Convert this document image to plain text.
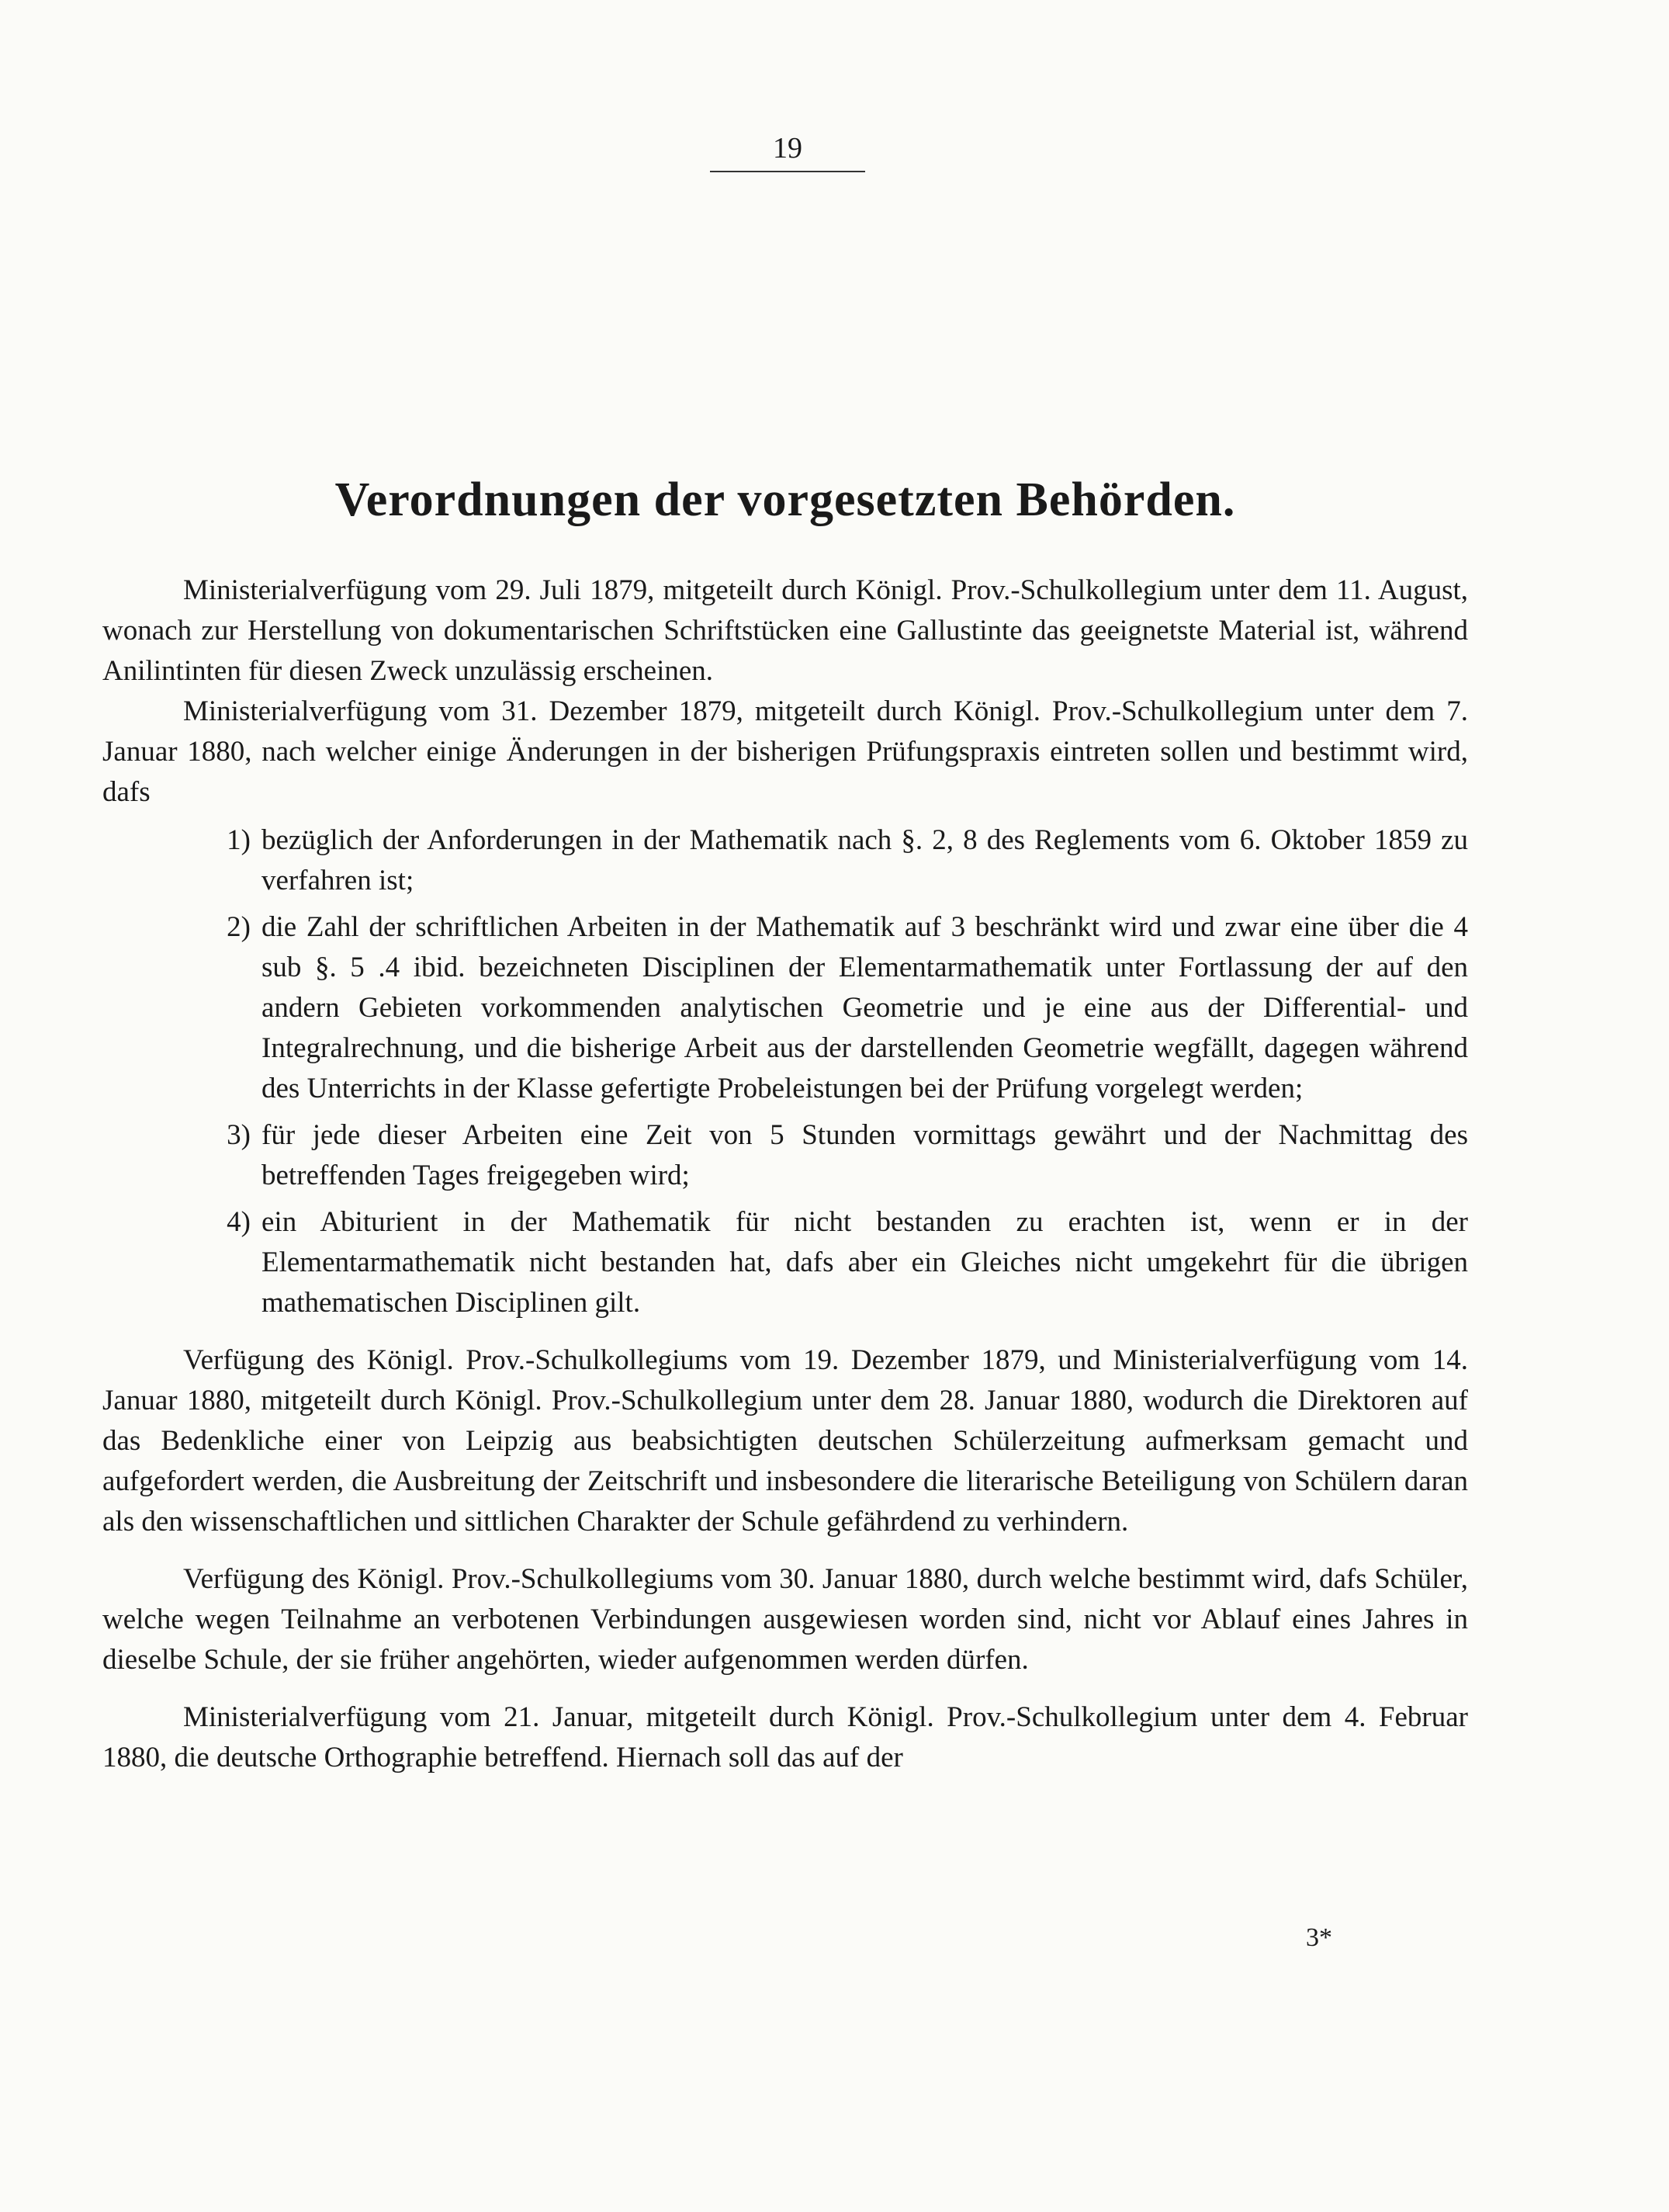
19
Verordnungen der vorgesetzten Behörden.

Ministerialverfügung vom 29. Juli 1879, mitgeteilt durch Königl. Prov.-Schulkollegium unter dem 11. August, wonach zur Herstellung von dokumentarischen Schriftstücken eine Gallustinte das geeignetste Material ist, während Anilintinten für diesen Zweck unzulässig erscheinen.

Ministerialverfügung vom 31. Dezember 1879, mitgeteilt durch Königl. Prov.-Schulkollegium unter dem 7. Januar 1880, nach welcher einige Änderungen in der bisherigen Prüfungspraxis eintreten sollen und bestimmt wird, dafs

1) bezüglich der Anforderungen in der Mathematik nach §. 2, 8 des Reglements vom 6. Oktober 1859 zu verfahren ist;
2) die Zahl der schriftlichen Arbeiten in der Mathematik auf 3 beschränkt wird und zwar eine über die 4 sub §. 5 .4 ibid. bezeichneten Disciplinen der Elementarmathematik unter Fortlassung der auf den andern Gebieten vorkommenden analytischen Geometrie und je eine aus der Differential- und Integralrechnung, und die bisherige Arbeit aus der darstellenden Geometrie wegfällt, dagegen während des Unterrichts in der Klasse gefertigte Probeleistungen bei der Prüfung vorgelegt werden;
3) für jede dieser Arbeiten eine Zeit von 5 Stunden vormittags gewährt und der Nachmittag des betreffenden Tages freigegeben wird;
4) ein Abiturient in der Mathematik für nicht bestanden zu erachten ist, wenn er in der Elementarmathematik nicht bestanden hat, dafs aber ein Gleiches nicht umgekehrt für die übrigen mathematischen Disciplinen gilt.

Verfügung des Königl. Prov.-Schulkollegiums vom 19. Dezember 1879, und Ministerialverfügung vom 14. Januar 1880, mitgeteilt durch Königl. Prov.-Schulkollegium unter dem 28. Januar 1880, wodurch die Direktoren auf das Bedenkliche einer von Leipzig aus beabsichtigten deutschen Schülerzeitung aufmerksam gemacht und aufgefordert werden, die Ausbreitung der Zeitschrift und insbesondere die literarische Beteiligung von Schülern daran als den wissenschaftlichen und sittlichen Charakter der Schule gefährdend zu verhindern.

Verfügung des Königl. Prov.-Schulkollegiums vom 30. Januar 1880, durch welche bestimmt wird, dafs Schüler, welche wegen Teilnahme an verbotenen Verbindungen ausgewiesen worden sind, nicht vor Ablauf eines Jahres in dieselbe Schule, der sie früher angehörten, wieder aufgenommen werden dürfen.

Ministerialverfügung vom 21. Januar, mitgeteilt durch Königl. Prov.-Schulkollegium unter dem 4. Februar 1880, die deutsche Orthographie betreffend. Hiernach soll das auf der

3*
